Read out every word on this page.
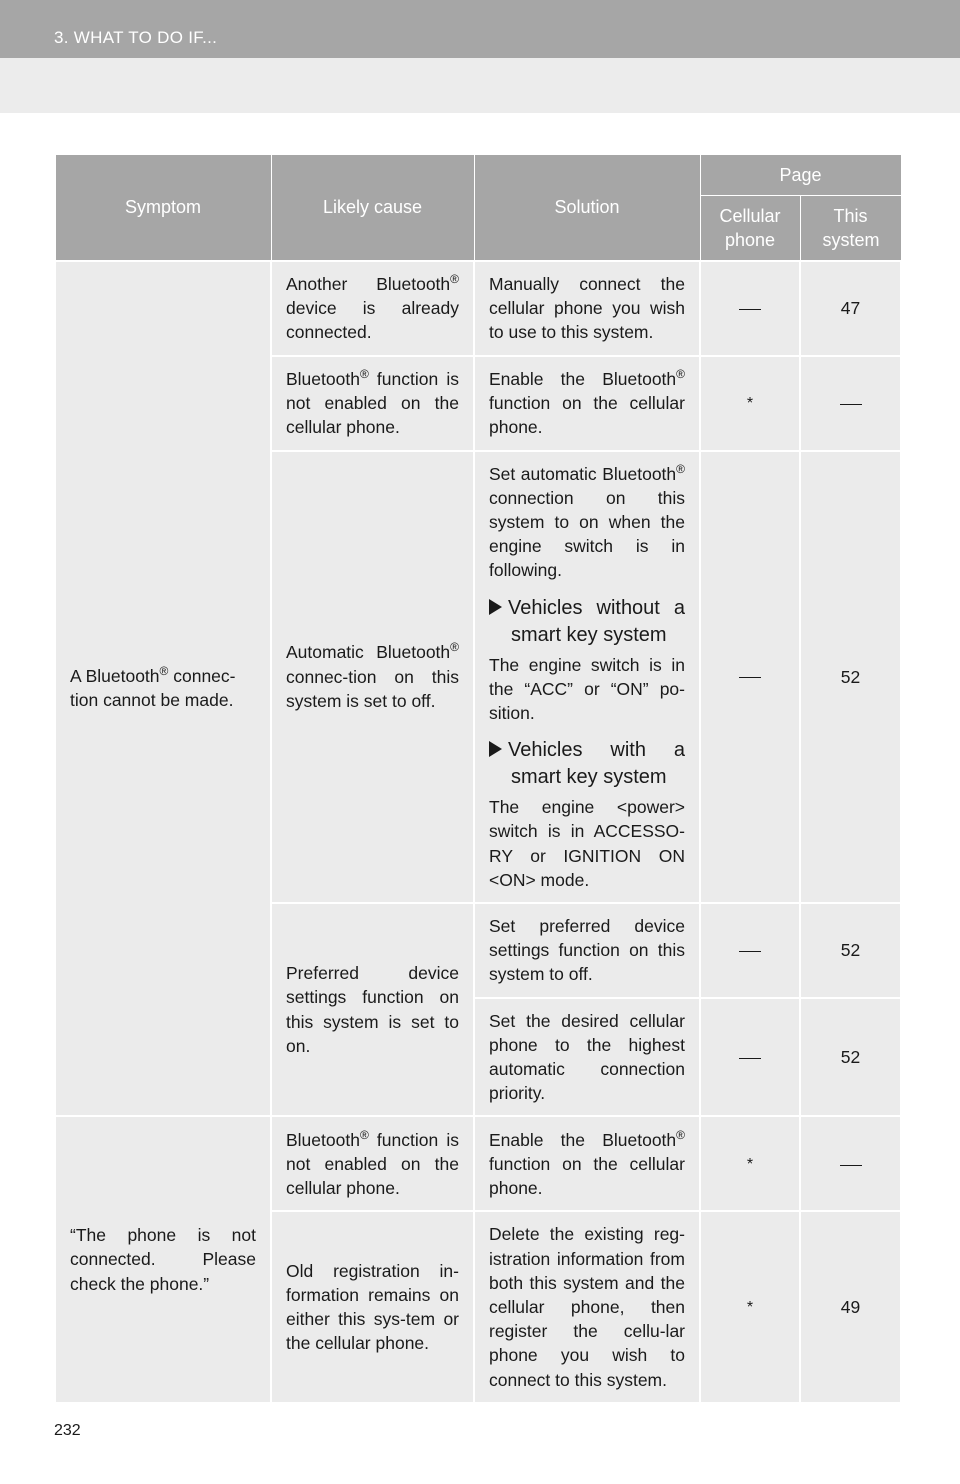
3. WHAT TO DO IF...
Symptom	Likely cause	Solution	Page	

			Cellular phone	This system

A Bluetooth® connec-tion cannot be made.	Another Bluetooth® device is already connected.	Manually connect the cellular phone you wish to use to this system.		47
	Bluetooth® function is not enabled on the cellular phone.	Enable the Bluetooth® function on the cellular phone.	*	
	Automatic Bluetooth® connec-tion on this system is set to off.	Set automatic Bluetooth® connection on this system to on when the engine switch is in following.

Vehicles without a smart key system

The engine switch is in the “ACC” or “ON” po-sition.

Vehicles with a smart key system

The engine <power> switch is in ACCESSO-RY or IGNITION ON <ON> mode.		52
	Preferred device settings function on this system is set to on.	Set preferred device settings function on this system to off.		52
		Set the desired cellular phone to the highest automatic connection priority.		52
“The phone is not connected. Please check the phone.”	Bluetooth® function is not enabled on the cellular phone.	Enable the Bluetooth® function on the cellular phone.	*	
	Old registration in-formation remains on either this sys-tem or the cellular phone.	Delete the existing reg-istration information from both this system and the cellular phone, then register the cellu-lar phone you wish to connect to this system.	*	49
232
